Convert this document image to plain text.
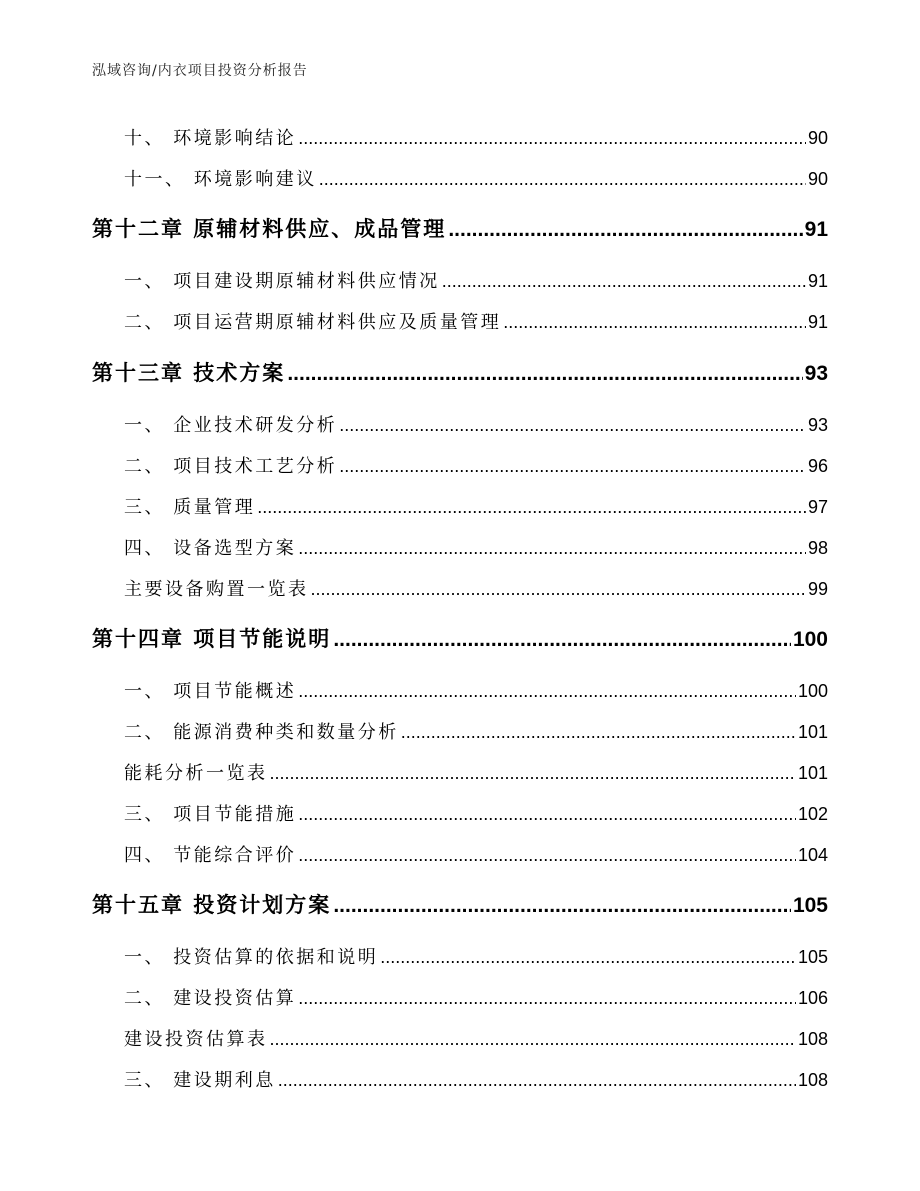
泓域咨询/内衣项目投资分析报告
十、 环境影响结论 .....	90
十一、 环境影响建议 .....	90
第十二章 原辅材料供应、成品管理 .....	91
一、 项目建设期原辅材料供应情况 .....	91
二、 项目运营期原辅材料供应及质量管理 .....	91
第十三章 技术方案 .....	93
一、 企业技术研发分析 .....	93
二、 项目技术工艺分析 .....	96
三、 质量管理 .....	97
四、 设备选型方案 .....	98
主要设备购置一览表 .....	99
第十四章 项目节能说明 .....	100
一、 项目节能概述 .....	100
二、 能源消费种类和数量分析 .....	101
能耗分析一览表 .....	101
三、 项目节能措施 .....	102
四、 节能综合评价 .....	104
第十五章 投资计划方案 .....	105
一、 投资估算的依据和说明 .....	105
二、 建设投资估算 .....	106
建设投资估算表 .....	108
三、 建设期利息 .....	108
